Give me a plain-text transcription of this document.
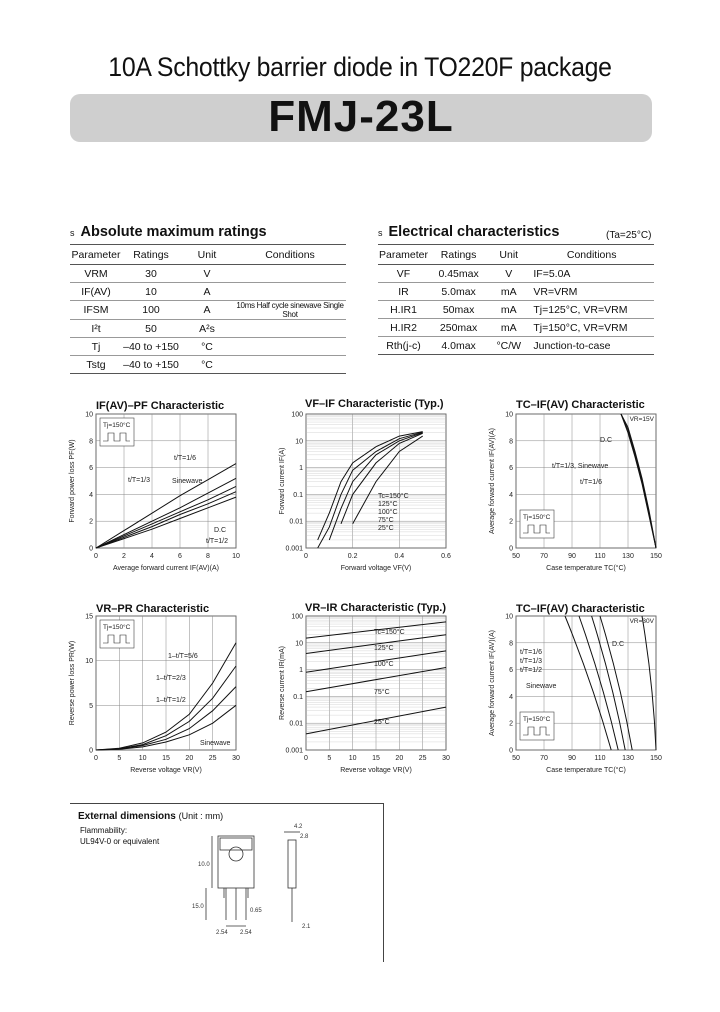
10A Schottky barrier diode in TO220F package
FMJ-23L
s Absolute maximum ratings
Parameter	Ratings	Unit	Conditions
VRM	30	V	
IF(AV)	10	A	
IFSM	100	A	10ms Half cycle sinewave Single Shot
I²t	50	A²s	
Tj	–40 to +150	°C	
Tstg	–40 to +150	°C	
s Electrical characteristics	(Ta=25°C)
Parameter	Ratings	Unit	Conditions
VF	0.45max	V	IF=5.0A
IR	5.0max	mA	VR=VRM
H.IR1	50max	mA	Tj=125°C, VR=VRM
H.IR2	250max	mA	Tj=150°C, VR=VRM
Rth(j-c)	4.0max	°C/W	Junction-to-case
IF(AV)–PF Characteristic	VF–IF Characteristic (Typ.)	TC–IF(AV) Characteristic
VR–PR Characteristic	VR–IR Characteristic (Typ.)	TC–IF(AV) Characteristic
0	2	4	6	8	10
0
2
4
6
8
10
Average forward current IF(AV)(A)
Forward power loss PF(W)	t/T=1/6
t/T=1/3	Sinewave
D.C
t/T=1/2
Tj=150°C
0	0.2	0.4	0.6
0.001
0.01
0.1
1
10
100
Forward voltage VF(V)
Forward current IF(A)	Tc=150°C
125°C
100°C
75°C
25°C
50	70	90	110 130 150
0
2
4
6
8
10
Case temperature TC(°C)
Average forward current IF(AV)(A)	D.C
t/T=1/3, Sinewave
t/T=1/6
Tj=150°C
VR=15V
0	5 10 15 20 25 30
0
5
10
15
Reverse voltage VR(V)
Reverse power loss PR(W)	1–t/T=5/6
1–t/T=2/3
1–t/T=1/2
Sinewave
Tj=150°C
0	5 10 15 20 25 30
0.001
0.01
0.1
1
10
100
Reverse voltage VR(V)
Reverse current IR(mA)
Tc=150°C
125°C
100°C
75°C
25°C
50	70	90	110 130 150
0
2
4
6
8
10
Case temperature TC(°C)
Average forward current IF(AV)(A)	D.C
t/T=1/6
t/T=1/3
t/T=1/2
Sinewave
Tj=150°C
VR=30V
External dimensions (Unit : mm)
Flammability:
UL94V-0 or equivalent
10.0
4.2
2.8
15.0
2.54 2.54
0.65
2.1
